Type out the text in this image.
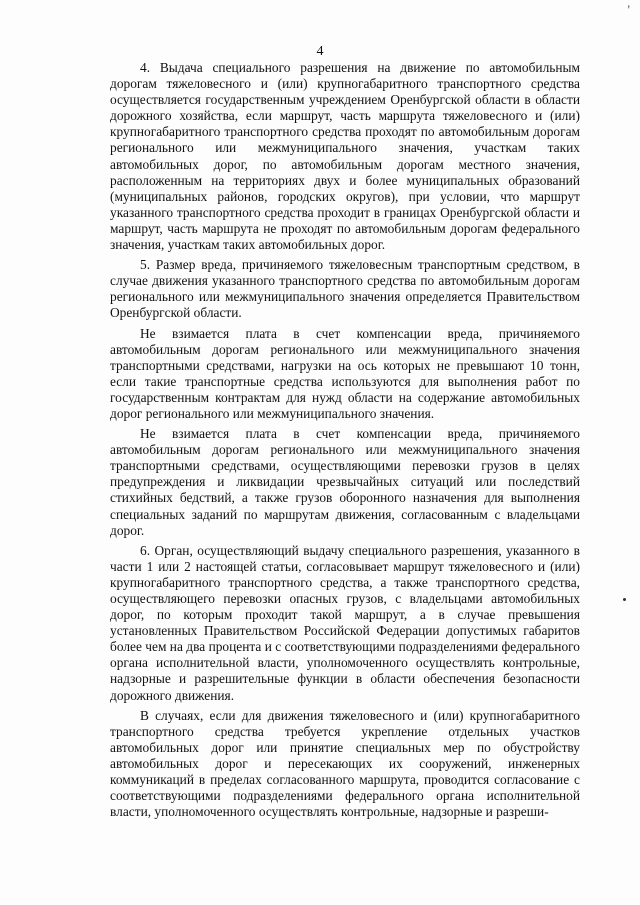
'
4

4. Выдача специального разрешения на движение по автомобильным дорогам тяжеловесного и (или) крупногабаритного транспортного средства осуществляется государственным учреждением Оренбургской области в области дорожного хозяйства, если маршрут, часть маршрута тяжеловесного и (или) крупногабаритного транспортного средства проходят по автомобильным дорогам регионального или межмуниципального значения, участкам таких автомобильных дорог, по автомобильным дорогам местного значения, расположенным на территориях двух и более муниципальных образований (муниципальных районов, городских округов), при условии, что маршрут указанного транспортного средства проходит в границах Оренбургской области и маршрут, часть маршрута не проходят по автомобильным дорогам федерального значения, участкам таких автомобильных дорог.

5. Размер вреда, причиняемого тяжеловесным транспортным средством, в случае движения указанного транспортного средства по автомобильным дорогам регионального или межмуниципального значения определяется Правительством Оренбургской области.

Не взимается плата в счет компенсации вреда, причиняемого автомобильным дорогам регионального или межмуниципального значения транспортными средствами, нагрузки на ось которых не превышают 10 тонн, если такие транспортные средства используются для выполнения работ по государственным контрактам для нужд области на содержание автомобильных дорог регионального или межмуниципального значения.

Не взимается плата в счет компенсации вреда, причиняемого автомобильным дорогам регионального или межмуниципального значения транспортными средствами, осуществляющими перевозки грузов в целях предупреждения и ликвидации чрезвычайных ситуаций или последствий стихийных бедствий, а также грузов оборонного назначения для выполнения специальных заданий по маршрутам движения, согласованным с владельцами дорог.

6. Орган, осуществляющий выдачу специального разрешения, указанного в части 1 или 2 настоящей статьи, согласовывает маршрут тяжеловесного и (или) крупногабаритного транспортного средства, а также транспортного средства, осуществляющего перевозки опасных грузов, с владельцами автомобильных дорог, по которым проходит такой маршрут, а в случае превышения установленных Правительством Российской Федерации допустимых габаритов более чем на два процента и с соответствующими подразделениями федерального органа исполнительной власти, уполномоченного осуществлять контрольные, надзорные и разрешительные функции в области обеспечения безопасности дорожного движения.

В случаях, если для движения тяжеловесного и (или) крупногабаритного транспортного средства требуется укрепление отдельных участков автомобильных дорог или принятие специальных мер по обустройству автомобильных дорог и пересекающих их сооружений, инженерных коммуникаций в пределах согласованного маршрута, проводится согласование с соответствующими подразделениями федерального органа исполнительной власти, уполномоченного осуществлять контрольные, надзорные и разреши-
